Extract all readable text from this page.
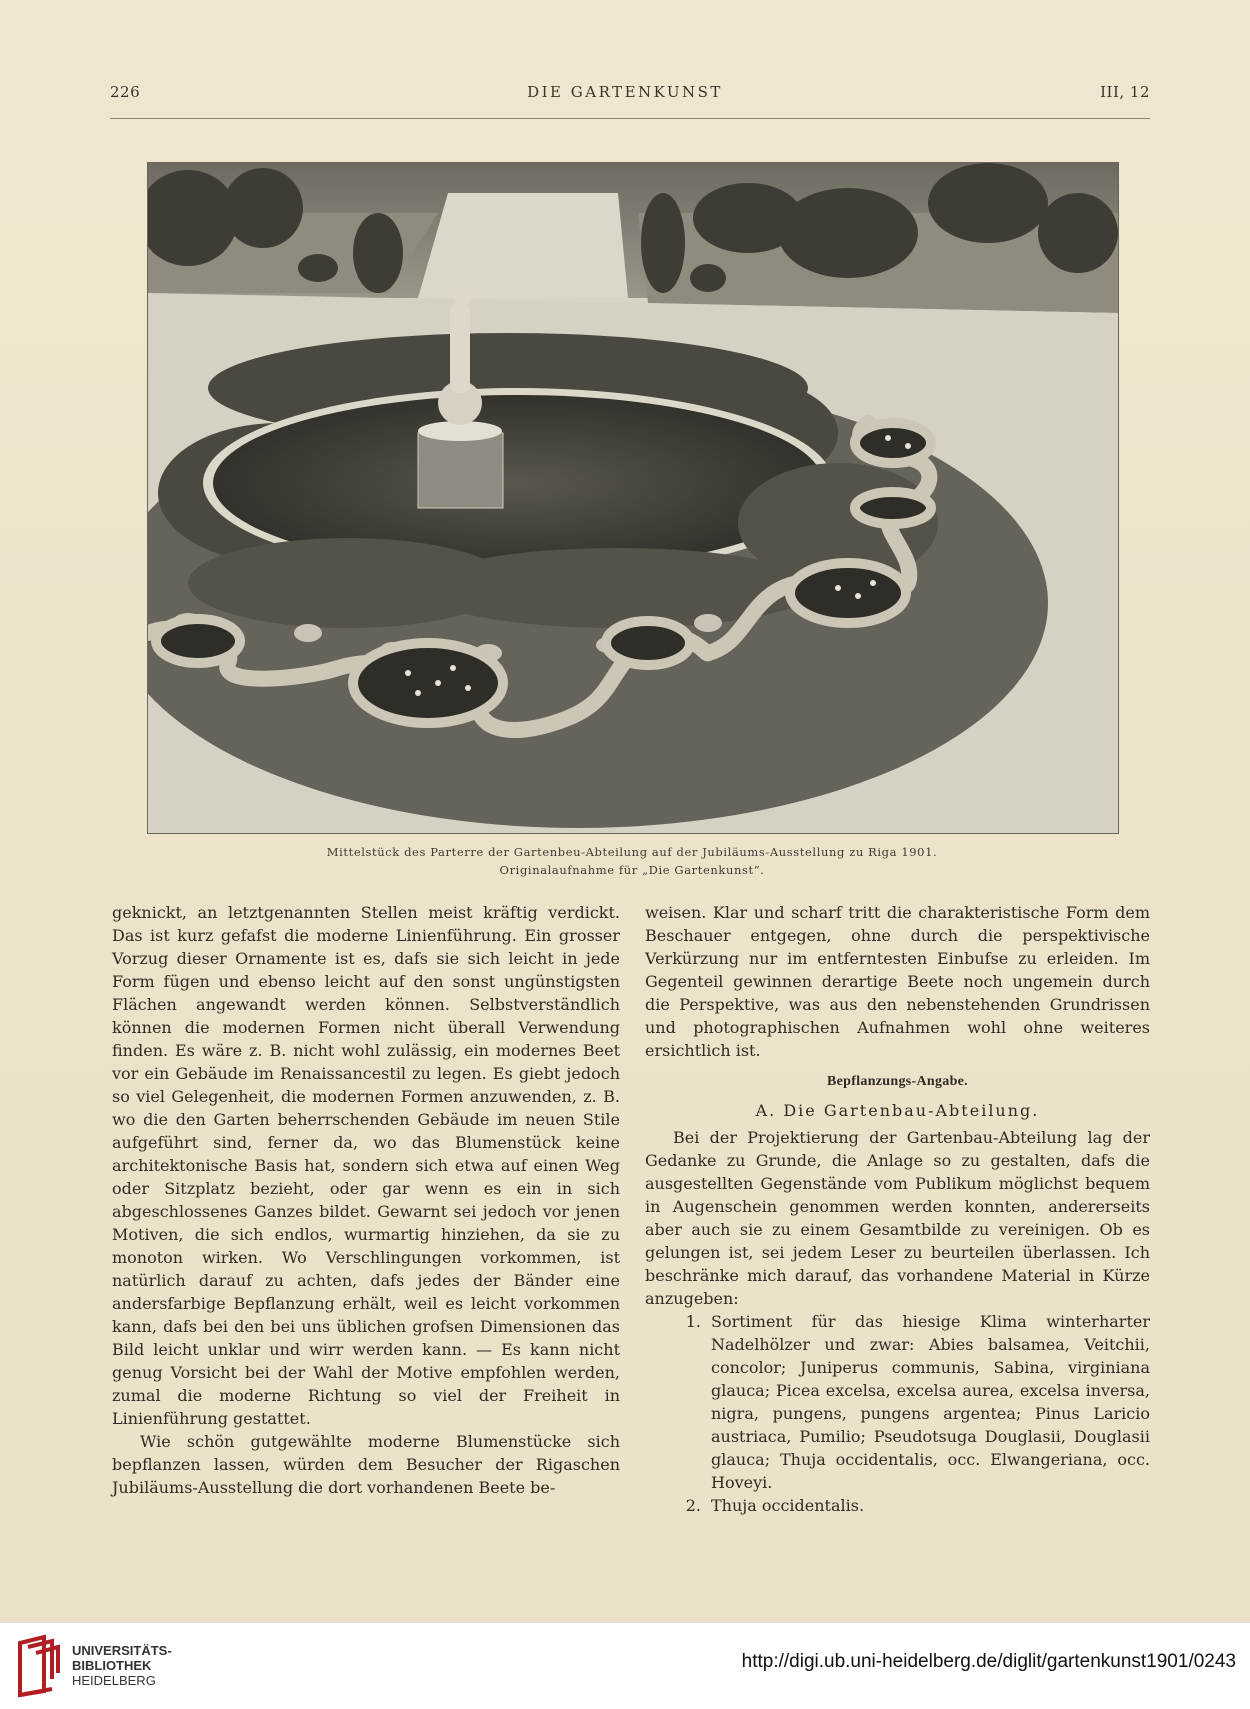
226	DIE GARTENKUNST	III, 12
Mittelstück des Parterre der Gartenbeu-Abteilung auf der Jubiläums-Ausstellung zu Riga 1901.
Originalaufnahme für „Die Gartenkunst“.

geknickt, an letztgenannten Stellen meist kräftig verdickt. Das ist kurz gefafst die moderne Linienführung. Ein grosser Vorzug dieser Ornamente ist es, dafs sie sich leicht in jede Form fügen und ebenso leicht auf den sonst ungünstigsten Flächen angewandt werden können. Selbstverständlich können die modernen Formen nicht überall Verwendung finden. Es wäre z. B. nicht wohl zulässig, ein modernes Beet vor ein Gebäude im Renaissancestil zu legen. Es giebt jedoch so viel Gelegenheit, die modernen Formen anzuwenden, z. B. wo die den Garten beherrschenden Gebäude im neuen Stile aufgeführt sind, ferner da, wo das Blumenstück keine architektonische Basis hat, sondern sich etwa auf einen Weg oder Sitzplatz bezieht, oder gar wenn es ein in sich abgeschlossenes Ganzes bildet. Gewarnt sei jedoch vor jenen Motiven, die sich endlos, wurmartig hinziehen, da sie zu monoton wirken. Wo Verschlingungen vorkommen, ist natürlich darauf zu achten, dafs jedes der Bänder eine andersfarbige Bepflanzung erhält, weil es leicht vorkommen kann, dafs bei den bei uns üblichen grofsen Dimensionen das Bild leicht unklar und wirr werden kann. — Es kann nicht genug Vorsicht bei der Wahl der Motive empfohlen werden, zumal die moderne Richtung so viel der Freiheit in Linienführung gestattet.

Wie schön gutgewählte moderne Blumenstücke sich bepflanzen lassen, würden dem Besucher der Rigaschen Jubiläums-Ausstellung die dort vorhandenen Beete be-

weisen. Klar und scharf tritt die charakteristische Form dem Beschauer entgegen, ohne durch die perspektivische Verkürzung nur im entferntesten Einbufse zu erleiden. Im Gegenteil gewinnen derartige Beete noch ungemein durch die Perspektive, was aus den nebenstehenden Grundrissen und photographischen Aufnahmen wohl ohne weiteres ersichtlich ist.

Bepflanzungs-Angabe.
A. Die Gartenbau-Abteilung.

Bei der Projektierung der Gartenbau-Abteilung lag der Gedanke zu Grunde, die Anlage so zu gestalten, dafs die ausgestellten Gegenstände vom Publikum möglichst bequem in Augenschein genommen werden konnten, andererseits aber auch sie zu einem Gesamtbilde zu vereinigen. Ob es gelungen ist, sei jedem Leser zu beurteilen überlassen. Ich beschränke mich darauf, das vorhandene Material in Kürze anzugeben:

1. Sortiment für das hiesige Klima winterharter Nadelhölzer und zwar: Abies balsamea, Veitchii, concolor; Juniperus communis, Sabina, virginiana glauca; Picea excelsa, excelsa aurea, excelsa inversa, nigra, pungens, pungens argentea; Pinus Laricio austriaca, Pumilio; Pseudotsuga Douglasii, Douglasii glauca; Thuja occidentalis, occ. Elwangeriana, occ. Hoveyi.
2. Thuja occidentalis.
UNIVERSITÄTS-
BIBLIOTHEK
HEIDELBERG
http://digi.ub.uni-heidelberg.de/diglit/gartenkunst1901/0243
